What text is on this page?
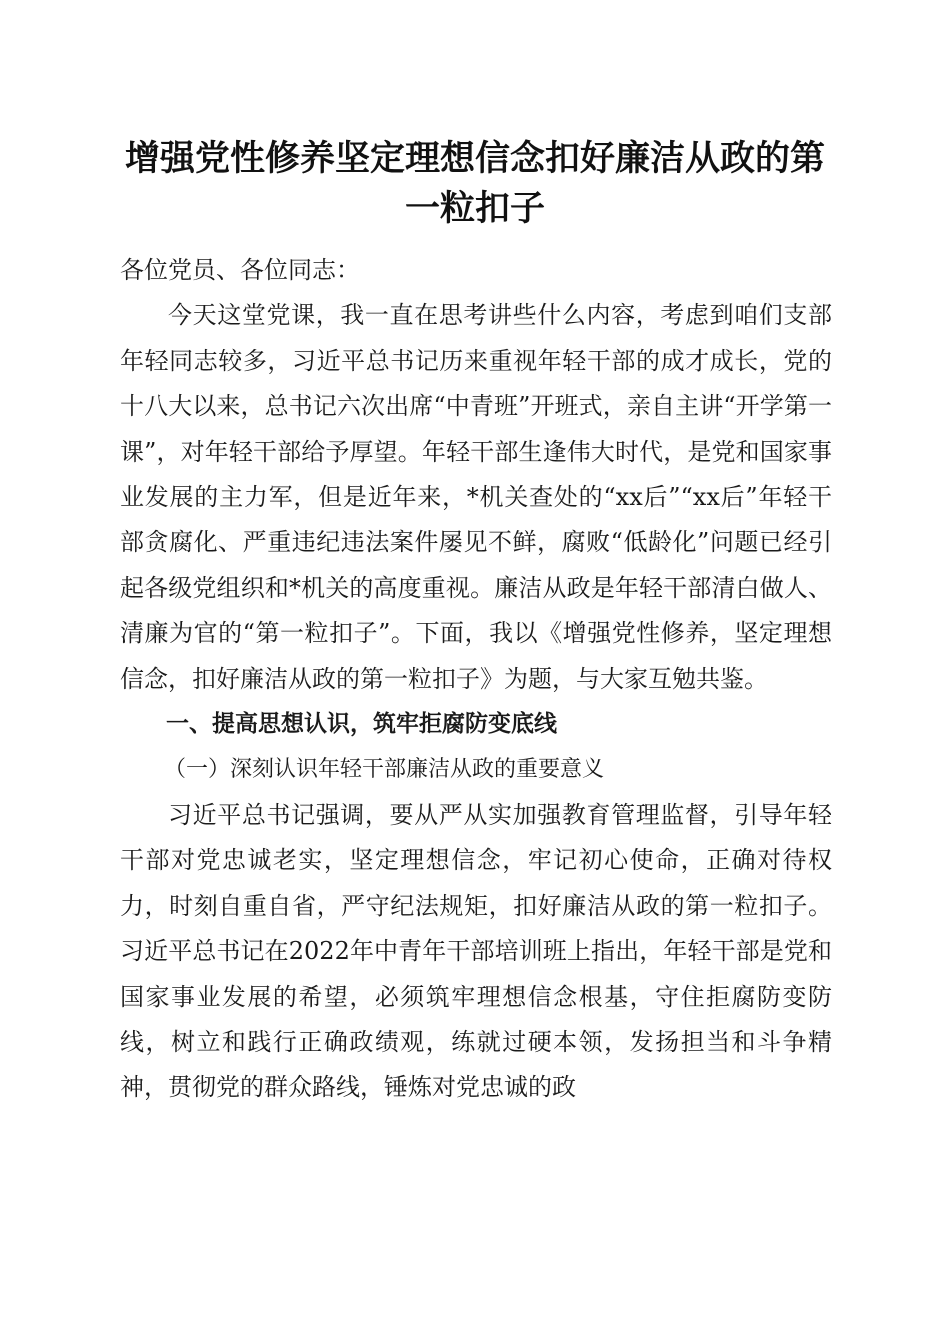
增强党性修养坚定理想信念扣好廉洁从政的第一粒扣子

各位党员、各位同志：

今天这堂党课，我一直在思考讲些什么内容，考虑到咱们支部年轻同志较多，习近平总书记历来重视年轻干部的成才成长，党的十八大以来，总书记六次出席“中青班”开班式，亲自主讲“开学第一课”，对年轻干部给予厚望。年轻干部生逢伟大时代，是党和国家事业发展的主力军，但是近年来，*机关查处的“xx后”“xx后”年轻干部贪腐化、严重违纪违法案件屡见不鲜，腐败“低龄化”问题已经引起各级党组织和*机关的高度重视。廉洁从政是年轻干部清白做人、清廉为官的“第一粒扣子”。下面，我以《增强党性修养，坚定理想信念，扣好廉洁从政的第一粒扣子》为题，与大家互勉共鉴。

一、提高思想认识，筑牢拒腐防变底线

（一）深刻认识年轻干部廉洁从政的重要意义

习近平总书记强调，要从严从实加强教育管理监督，引导年轻干部对党忠诚老实，坚定理想信念，牢记初心使命，正确对待权力，时刻自重自省，严守纪法规矩，扣好廉洁从政的第一粒扣子。习近平总书记在2022年中青年干部培训班上指出，年轻干部是党和国家事业发展的希望，必须筑牢理想信念根基，守住拒腐防变防线，树立和践行正确政绩观，练就过硬本领，发扬担当和斗争精神，贯彻党的群众路线，锤炼对党忠诚的政
